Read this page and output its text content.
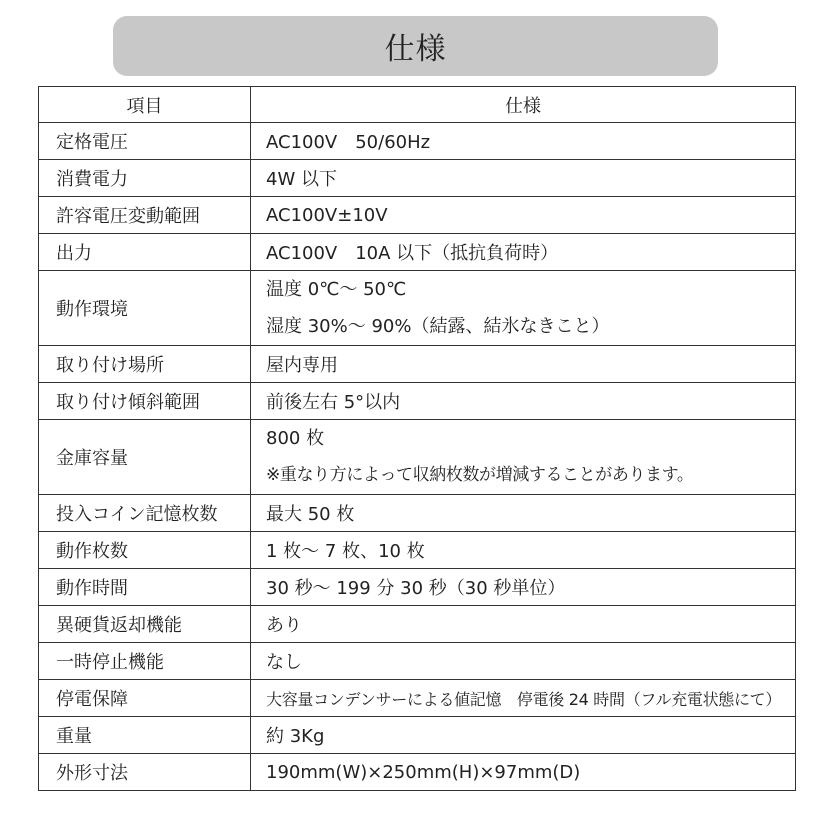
仕様
項目	仕様
定格電圧	AC100V　50/60Hz
消費電力	4W 以下
許容電圧変動範囲	AC100V±10V
出力	AC100V　10A 以下（抵抗負荷時）
動作環境	温度 0℃～ 50℃
湿度 30%～ 90%（結露、結氷なきこと）

取り付け場所	屋内専用
取り付け傾斜範囲	前後左右 5°以内
金庫容量	800 枚
※重なり方によって収納枚数が増減することがあります。

投入コイン記憶枚数	最大 50 枚
動作枚数	1 枚～ 7 枚、10 枚
動作時間	30 秒～ 199 分 30 秒（30 秒単位）
異硬貨返却機能	あり
一時停止機能	なし
停電保障	大容量コンデンサーによる値記憶　停電後 24 時間（フル充電状態にて）
重量	約 3Kg
外形寸法	190mm(W)×250mm(H)×97mm(D)
